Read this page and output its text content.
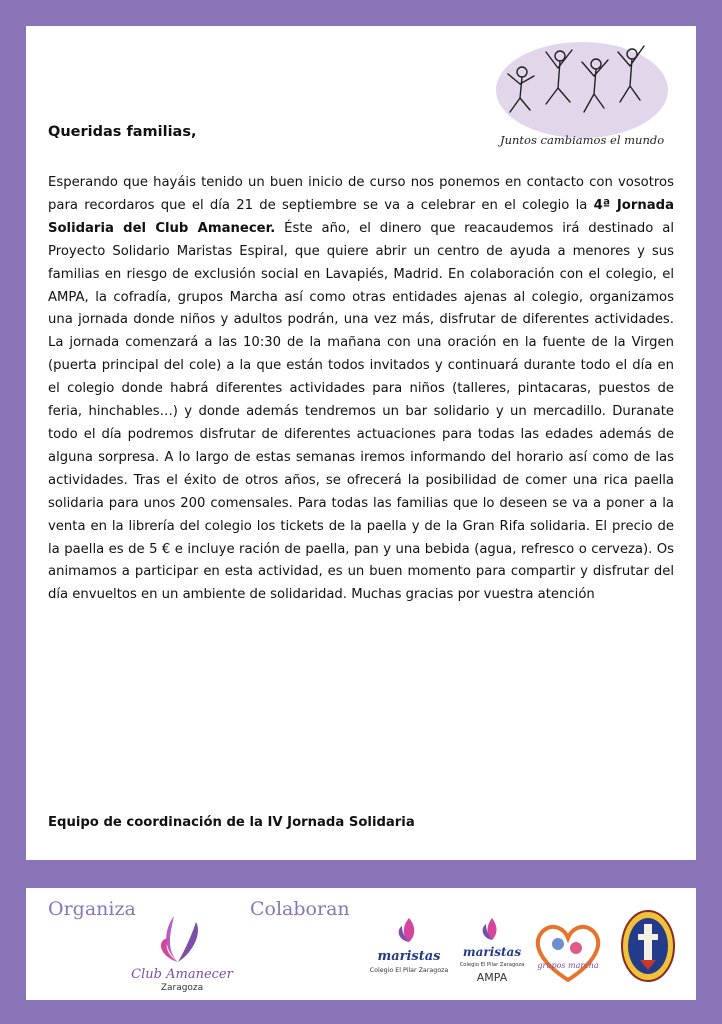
Juntos cambiamos el mundo
Queridas familias,
Esperando que hayáis tenido un buen inicio de curso nos ponemos en contacto con vosotros para recordaros que el día 21 de septiembre se va a celebrar en el colegio la 4ª Jornada Solidaria del Club Amanecer. Éste año, el dinero que reacaudemos irá destinado al Proyecto Solidario Maristas Espiral, que quiere abrir un centro de ayuda a menores y sus familias en riesgo de exclusión social en Lavapiés, Madrid. En colaboración con el colegio, el AMPA, la cofradía, grupos Marcha así como otras entidades ajenas al colegio, organizamos una jornada donde niños y adultos podrán, una vez más, disfrutar de diferentes actividades. La jornada comenzará a las 10:30 de la mañana con una oración en la fuente de la Virgen (puerta principal del cole) a la que están todos invitados y continuará durante todo el día en el colegio donde habrá diferentes actividades para niños (talleres, pintacaras, puestos de feria, hinchables…) y donde además tendremos un bar solidario y un mercadillo. Duranate todo el día podremos disfrutar de diferentes actuaciones para todas las edades además de alguna sorpresa. A lo largo de estas semanas iremos informando del horario así como de las actividades. Tras el éxito de otros años, se ofrecerá la posibilidad de comer una rica paella solidaria para unos 200 comensales. Para todas las familias que lo deseen se va a poner a la venta en la librería del colegio los tickets de la paella y de la Gran Rifa solidaria. El precio de la paella es de 5 € e incluye ración de paella, pan y una bebida (agua, refresco o cerveza). Os animamos a participar en esta actividad, es un buen momento para compartir y disfrutar del día envueltos en un ambiente de solidaridad. Muchas gracias por vuestra atención
Equipo de coordinación de la IV Jornada Solidaria
Organiza	Colaboran
Club Amanecer
Zaragoza
maristas
Colegio El Pilar Zaragoza
maristas
Colegio El Pilar Zaragoza
AMPA
grupos marcha
